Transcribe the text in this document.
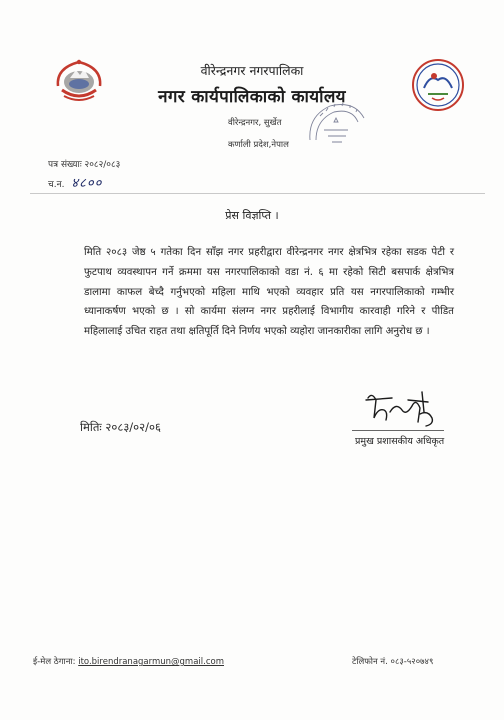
वीरेन्द्रनगर नगरपालिका
नगर कार्यपालिकाको कार्यालय
वीरेन्द्रनगर, सुर्खेत
कर्णाली प्रदेश,नेपाल
पत्र संख्याः २०८२/०८३
च.न. ४८००
प्रेस विज्ञप्ति ।
मिति २०८३ जेष्ठ ५ गतेका दिन साँझ नगर प्रहरीद्वारा वीरेन्द्रनगर नगर क्षेत्रभित्र रहेका सडक पेटी र फुटपाथ व्यवस्थापन गर्ने क्रममा यस नगरपालिकाको वडा नं. ६ मा रहेको सिटी बसपार्क क्षेत्रभित्र डालामा काफल बेच्दै गर्नुभएको महिला माथि भएको व्यवहार प्रति यस नगरपालिकाको गम्भीर ध्यानाकर्षण भएको छ । सो कार्यमा संलग्न नगर प्रहरीलाई विभागीय कारवाही गरिने र पीडित महिलालाई उचित राहत तथा क्षतिपूर्ति दिने निर्णय भएको व्यहोरा जानकारीका लागि अनुरोध छ ।
मितिः २०८३/०२/०६
प्रमुख प्रशासकीय अधिकृत
ई-मेल ठेगाना: ito.birendranagarmun@gmail.com	टेलिफोन नं. ०८३-५२०७४९
